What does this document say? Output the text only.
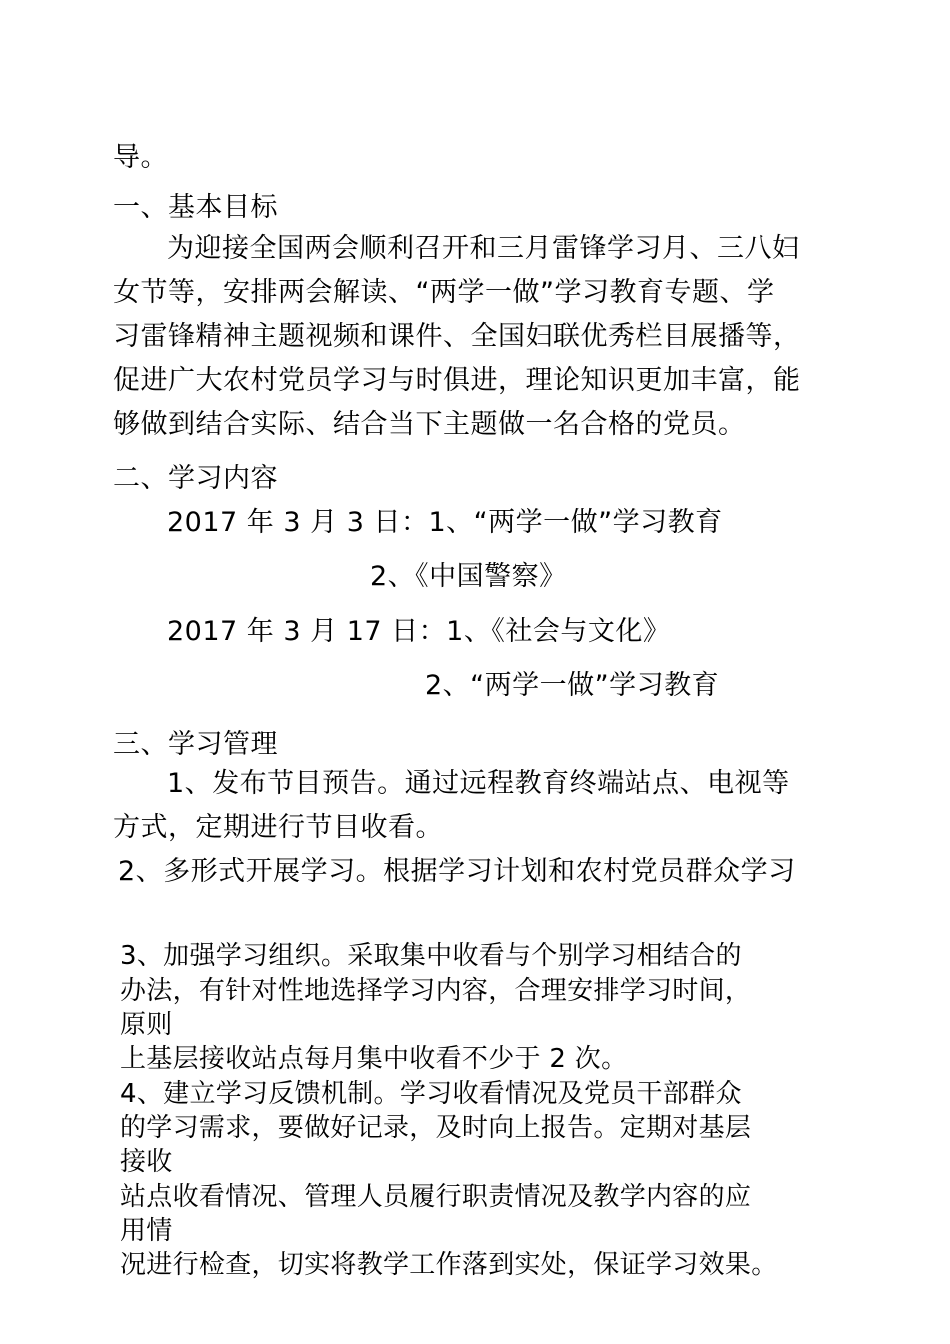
导。

一、基本目标

为迎接全国两会顺利召开和三月雷锋学习月、三八妇

女节等，安排两会解读、“两学一做”学习教育专题、学

习雷锋精神主题视频和课件、全国妇联优秀栏目展播等，

促进广大农村党员学习与时俱进，理论知识更加丰富，能

够做到结合实际、结合当下主题做一名合格的党员。

二、学习内容

2017 年 3 月 3 日：1、“两学一做”学习教育

2、《中国警察》

2017 年 3 月 17 日：1、《社会与文化》

2、“两学一做”学习教育

三、学习管理

1、发布节目预告。通过远程教育终端站点、电视等

方式，定期进行节目收看。

2、多形式开展学习。根据学习计划和农村党员群众学习

3、加强学习组织。采取集中收看与个别学习相结合的

办法，有针对性地选择学习内容，合理安排学习时间，

原则

上基层接收站点每月集中收看不少于 2 次。

4、建立学习反馈机制。学习收看情况及党员干部群众

的学习需求，要做好记录，及时向上报告。定期对基层

接收

站点收看情况、管理人员履行职责情况及教学内容的应

用情

况进行检查，切实将教学工作落到实处，保证学习效果。
